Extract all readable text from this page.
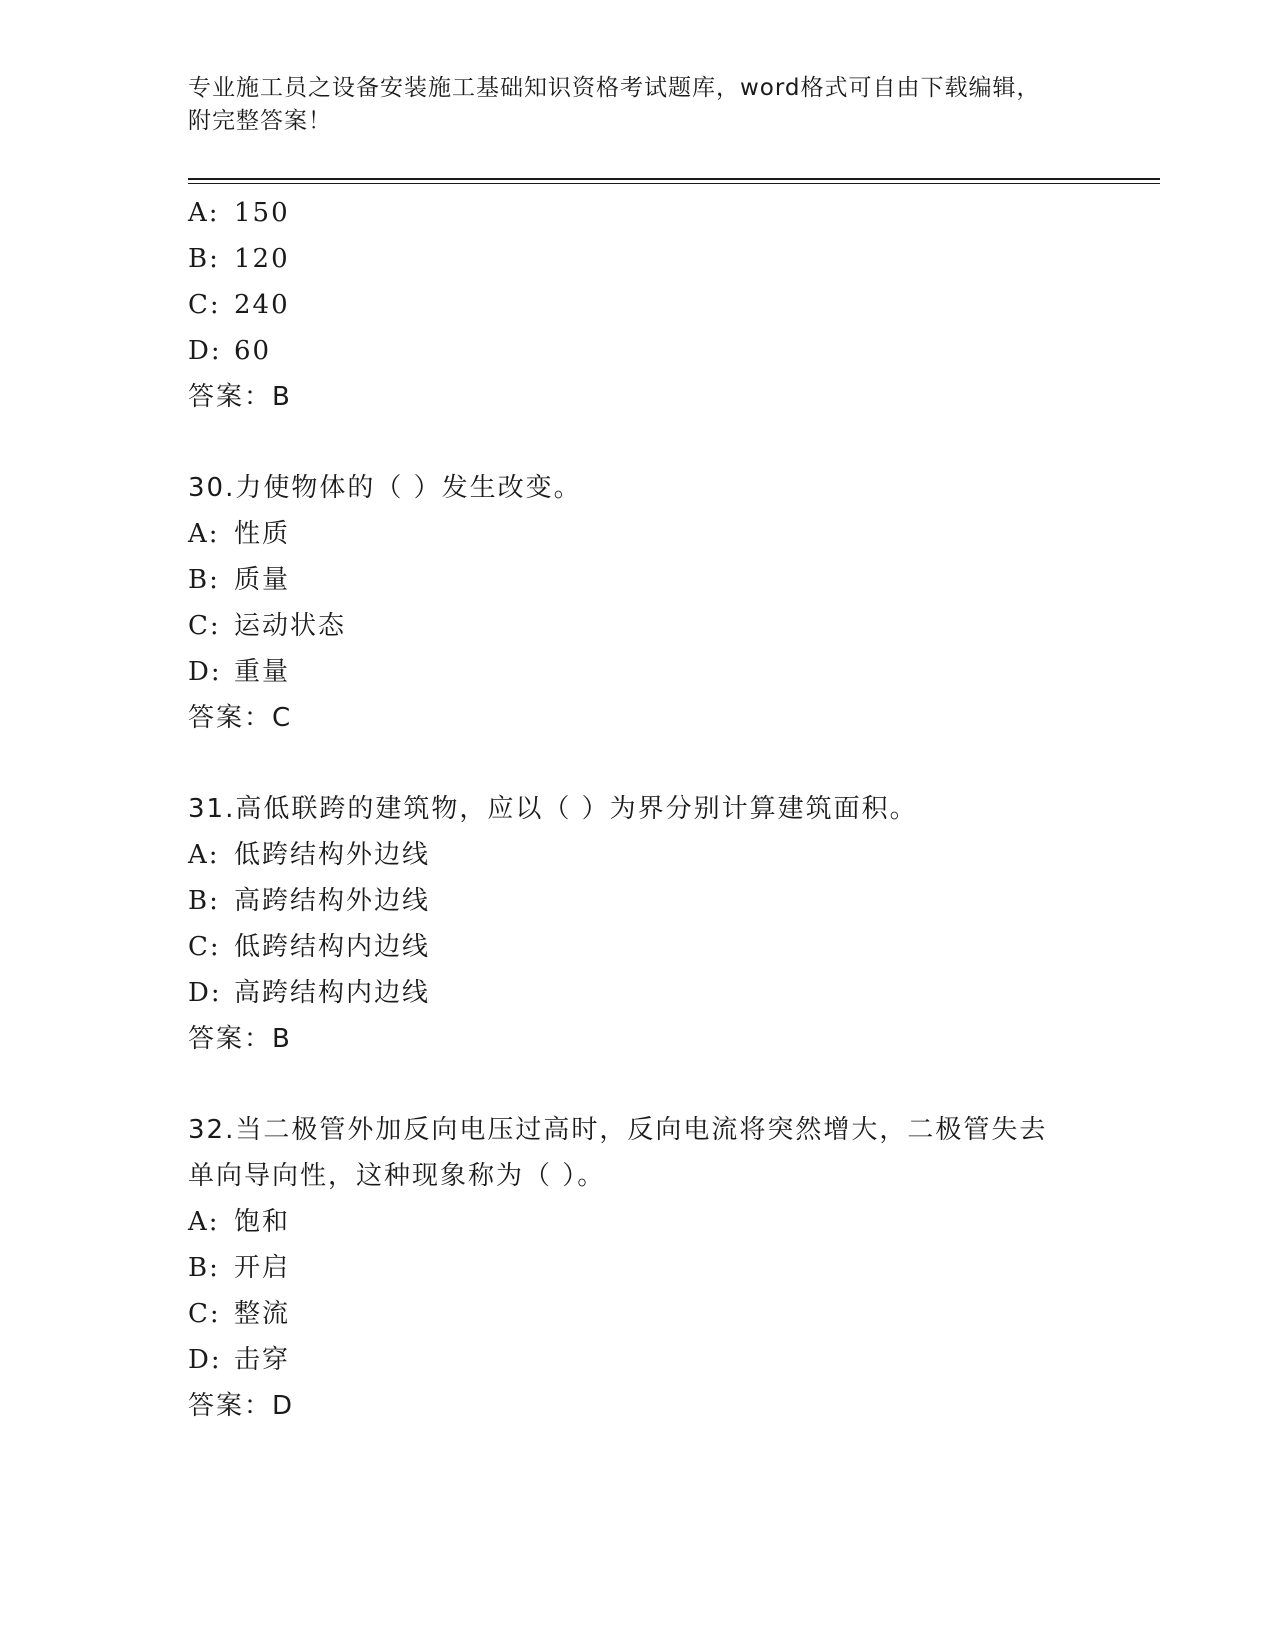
专业施工员之设备安装施工基础知识资格考试题库，word格式可自由下载编辑，
附完整答案！
A: 150
B: 120
C: 240
D: 60
答案：B
30.力使物体的（ ）发生改变。
A: 性质
B: 质量
C: 运动状态
D: 重量
答案：C
31.高低联跨的建筑物，应以（ ）为界分别计算建筑面积。
A: 低跨结构外边线
B: 高跨结构外边线
C: 低跨结构内边线
D: 高跨结构内边线
答案：B
32.当二极管外加反向电压过高时，反向电流将突然增大，二极管失去
单向导向性，这种现象称为（ ）。
A: 饱和
B: 开启
C: 整流
D: 击穿
答案：D
